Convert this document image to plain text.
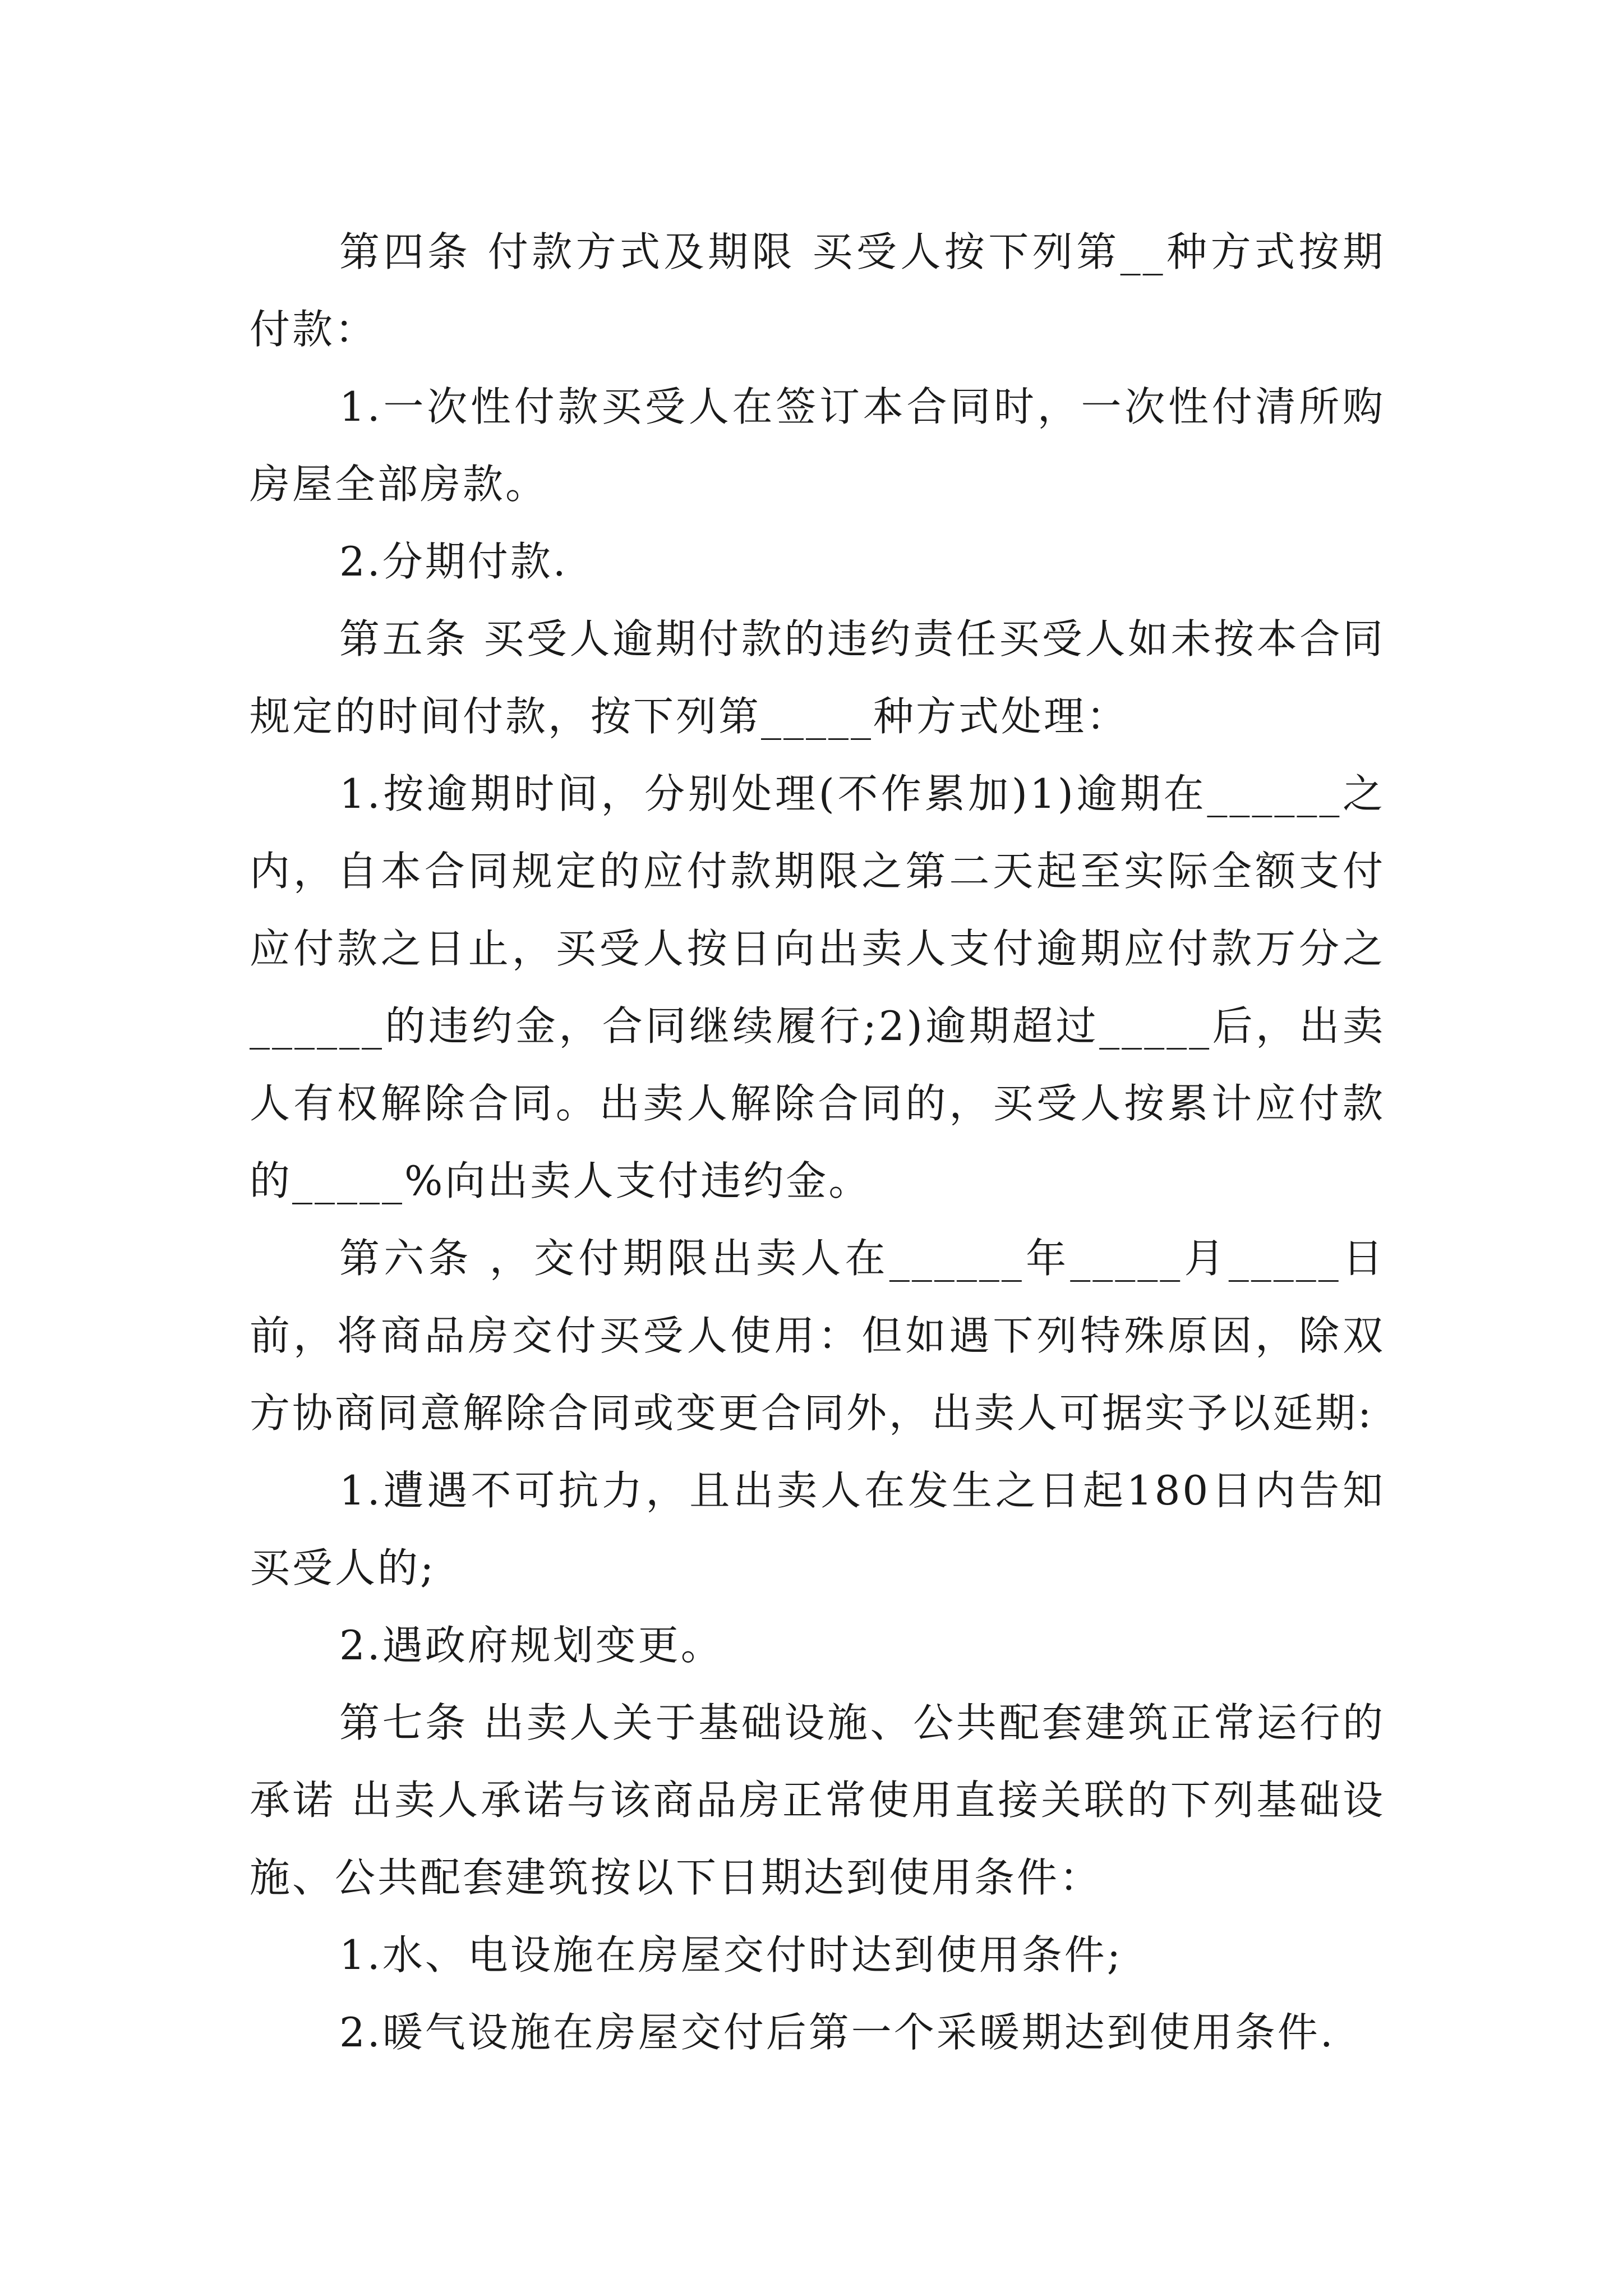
第四条 付款方式及期限 买受人按下列第__种方式按期付款：

1.一次性付款买受人在签订本合同时，一次性付清所购房屋全部房款。

2.分期付款.

第五条 买受人逾期付款的违约责任买受人如未按本合同规定的时间付款，按下列第_____种方式处理：

1.按逾期时间，分别处理(不作累加)1)逾期在______之内，自本合同规定的应付款期限之第二天起至实际全额支付应付款之日止，买受人按日向出卖人支付逾期应付款万分之______的违约金，合同继续履行;2)逾期超过_____后，出卖人有权解除合同。出卖人解除合同的，买受人按累计应付款的_____%向出卖人支付违约金。

第六条 ，交付期限出卖人在______年_____月_____日前，将商品房交付买受人使用：但如遇下列特殊原因，除双方协商同意解除合同或变更合同外，出卖人可据实予以延期:

1.遭遇不可抗力，且出卖人在发生之日起180日内告知买受人的;

2.遇政府规划变更。

第七条 出卖人关于基础设施、公共配套建筑正常运行的承诺 出卖人承诺与该商品房正常使用直接关联的下列基础设施、公共配套建筑按以下日期达到使用条件：

1.水、电设施在房屋交付时达到使用条件;

2.暖气设施在房屋交付后第一个采暖期达到使用条件.
